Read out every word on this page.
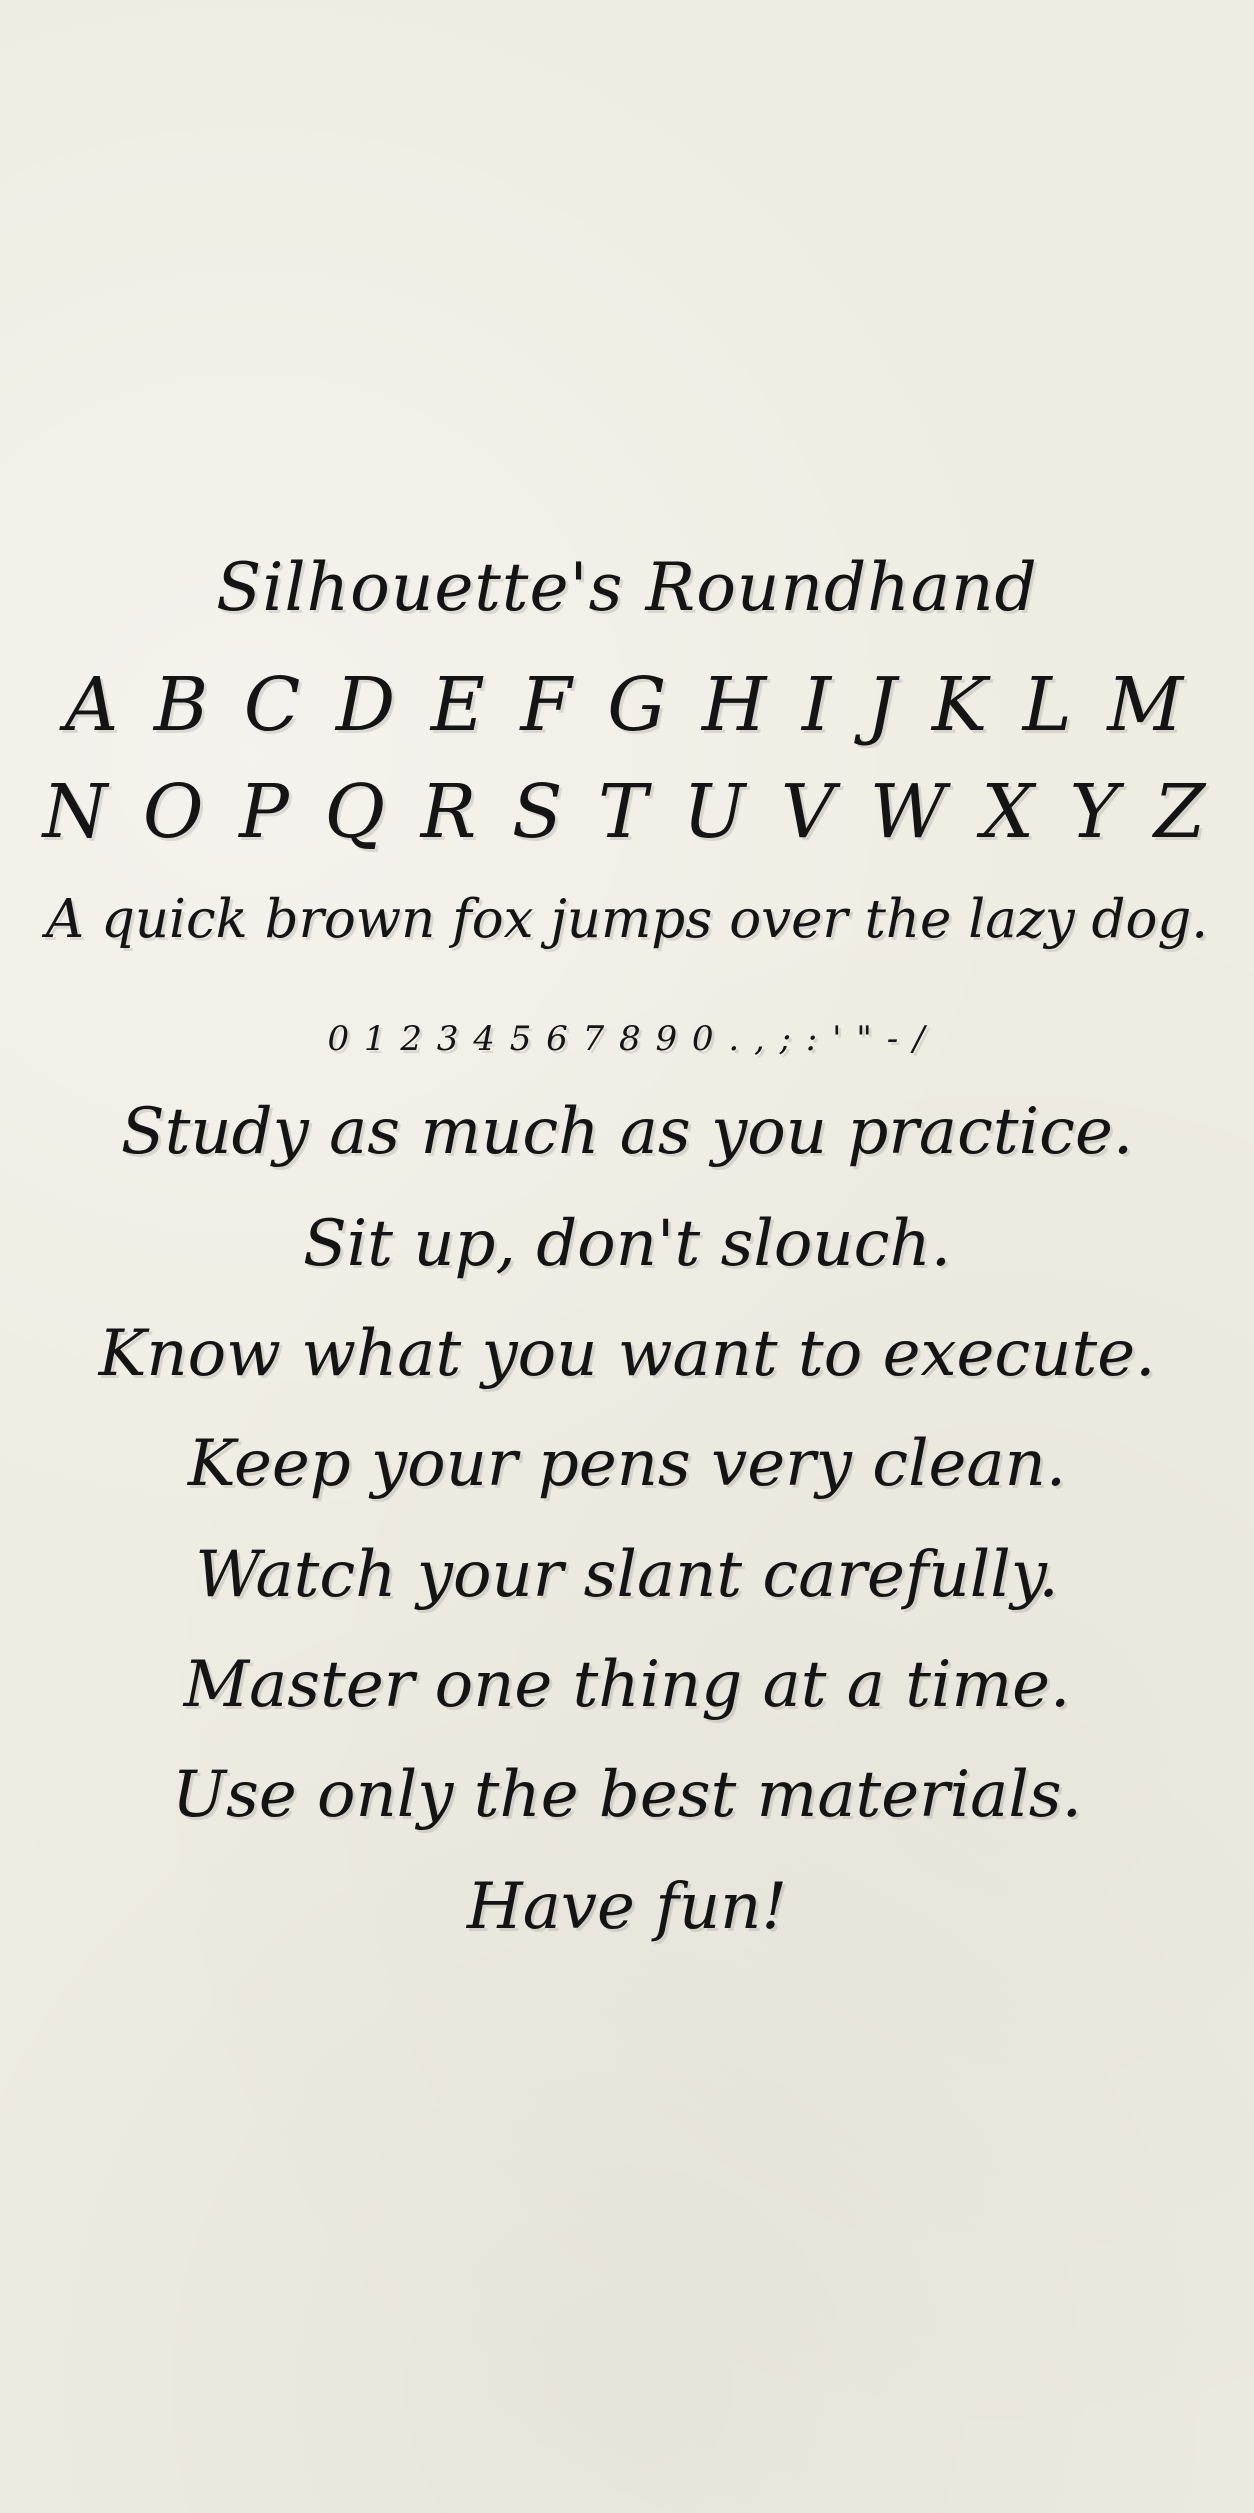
Silhouette's Roundhand
A B C D E F G H I J K L M
N O P Q R S T U V W X Y Z
A quick brown fox jumps over the lazy dog.
0 1 2 3 4 5 6 7 8 9 0 . , ; : ' " - /
Study as much as you practice.
Sit up, don't slouch.
Know what you want to execute.
Keep your pens very clean.
Watch your slant carefully.
Master one thing at a time.
Use only the best materials.
Have fun!
